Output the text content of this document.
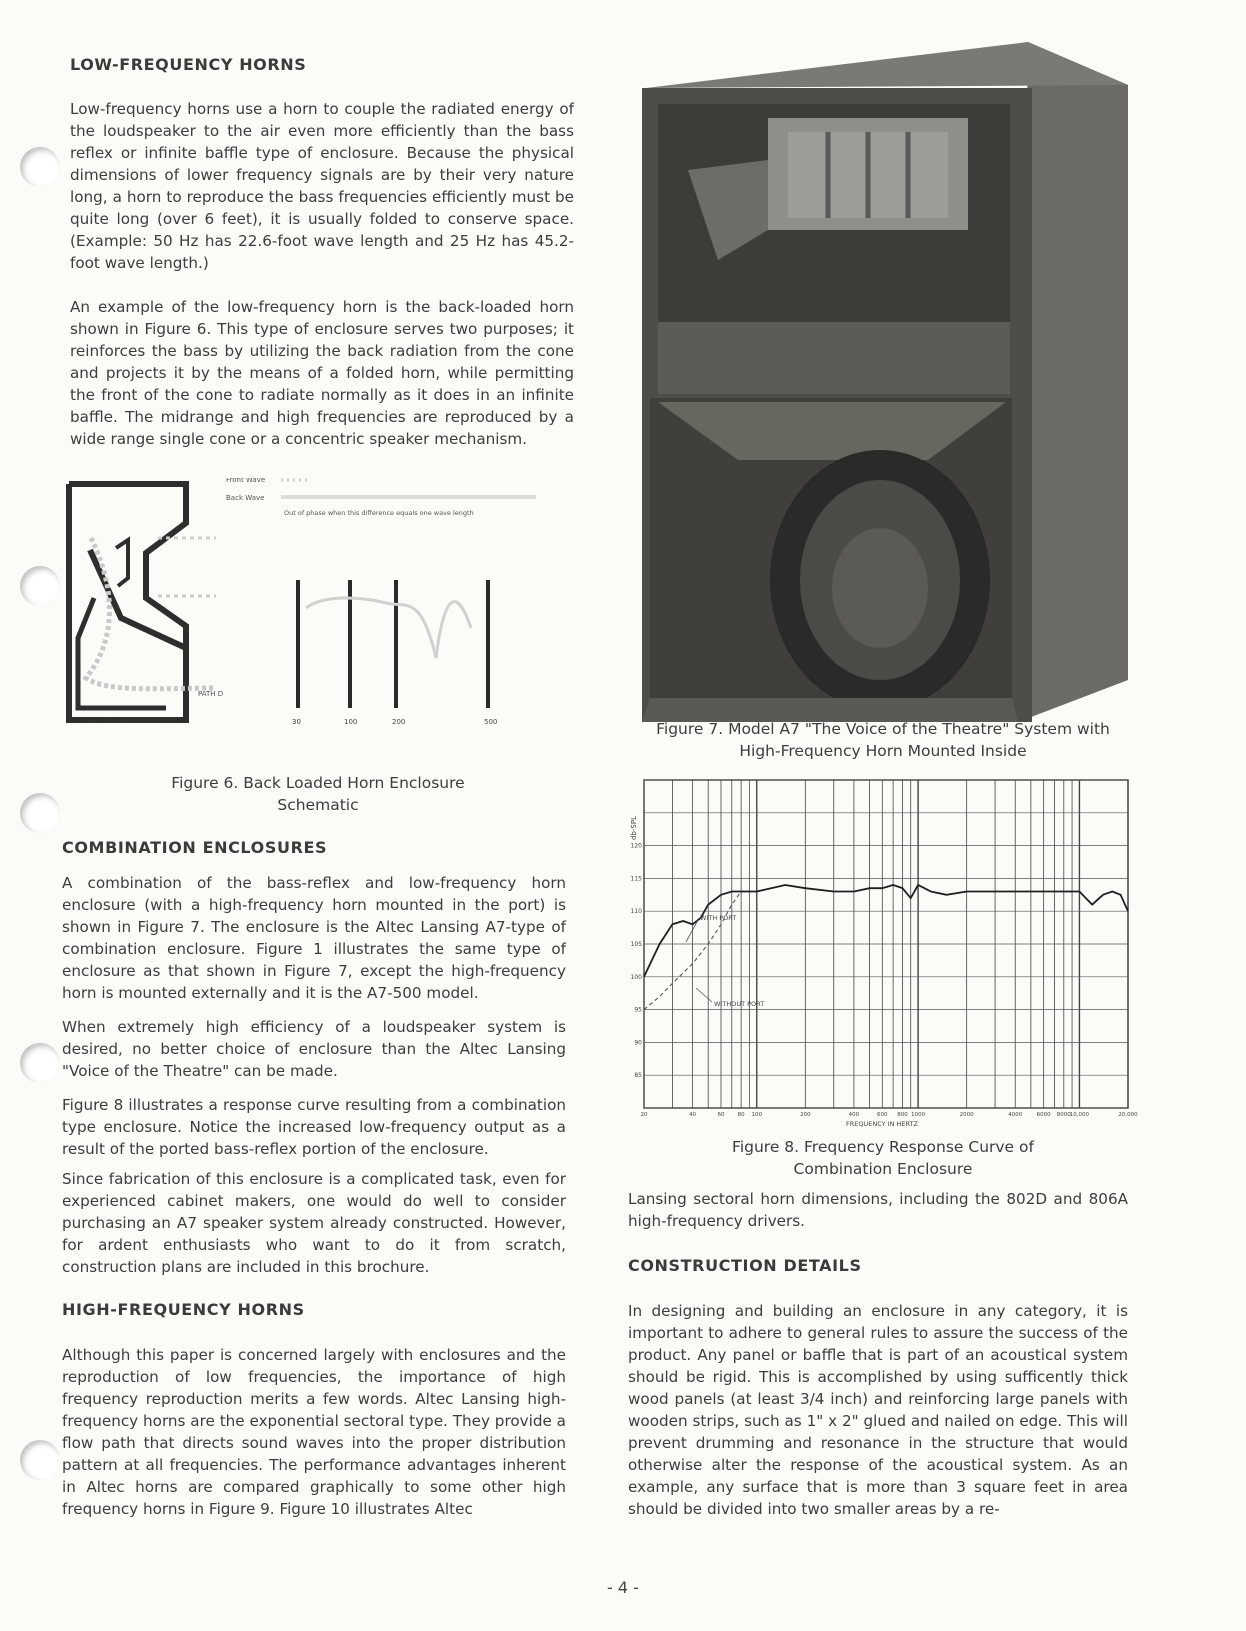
LOW-FREQUENCY HORNS

Low-frequency horns use a horn to couple the radiated energy of the loudspeaker to the air even more efficiently than the bass reflex or infinite baffle type of enclosure. Because the physical dimensions of lower frequency signals are by their very nature long, a horn to reproduce the bass frequencies efficiently must be quite long (over 6 feet), it is usually folded to conserve space. (Example: 50 Hz has 22.6-foot wave length and 25 Hz has 45.2-foot wave length.)

An example of the low-frequency horn is the back-loaded horn shown in Figure 6. This type of enclosure serves two purposes; it reinforces the bass by utilizing the back radiation from the cone and projects it by the means of a folded horn, while permitting the front of the cone to radiate normally as it does in an infinite baffle. The midrange and high frequencies are reproduced by a wide range single cone or a concentric speaker mechanism.

Front Wave
Back Wave
Out of phase when this difference equals one wave length
PATH D
BACK LOADED HORN	30	100	200	500
Figure 6. Back Loaded Horn Enclosure
Schematic
COMBINATION ENCLOSURES

A combination of the bass-reflex and low-frequency horn enclosure (with a high-frequency horn mounted in the port) is shown in Figure 7. The enclosure is the Altec Lansing A7-type of combination enclosure. Figure 1 illustrates the same type of enclosure as that shown in Figure 7, except the high-frequency horn is mounted externally and it is the A7-500 model.

When extremely high efficiency of a loudspeaker system is desired, no better choice of enclosure than the Altec Lansing "Voice of the Theatre" can be made.

Figure 8 illustrates a response curve resulting from a combination type enclosure. Notice the increased low-frequency output as a result of the ported bass-reflex portion of the enclosure.

Since fabrication of this enclosure is a complicated task, even for experienced cabinet makers, one would do well to consider purchasing an A7 speaker system already constructed. However, for ardent enthusiasts who want to do it from scratch, construction plans are included in this brochure.

HIGH-FREQUENCY HORNS

Although this paper is concerned largely with enclosures and the reproduction of low frequencies, the importance of high frequency reproduction merits a few words. Altec Lansing high-frequency horns are the exponential sectoral type. They provide a flow path that directs sound waves into the proper distribution pattern at all frequencies. The performance advantages inherent in Altec horns are compared graphically to some other high frequency horns in Figure 9. Figure 10 illustrates Altec

Figure 7. Model A7 "The Voice of the Theatre" System with
High-Frequency Horn Mounted Inside
120
115
110
105
100
95
90
85
20	40	60 80 100	200	400	600 800 1000	2000	4000	6000 8000 10,000	20,000
db-SPL
FREQUENCY IN HERTZ
WITH PORT
WITHOUT PORT
Figure 8. Frequency Response Curve of
Combination Enclosure

Lansing sectoral horn dimensions, including the 802D and 806A high-frequency drivers.

CONSTRUCTION DETAILS

In designing and building an enclosure in any category, it is important to adhere to general rules to assure the success of the product. Any panel or baffle that is part of an acoustical system should be rigid. This is accomplished by using sufficently thick wood panels (at least 3/4 inch) and reinforcing large panels with wooden strips, such as 1" x 2" glued and nailed on edge. This will prevent drumming and resonance in the structure that would otherwise alter the response of the acoustical system. As an example, any surface that is more than 3 square feet in area should be divided into two smaller areas by a re-

- 4 -
